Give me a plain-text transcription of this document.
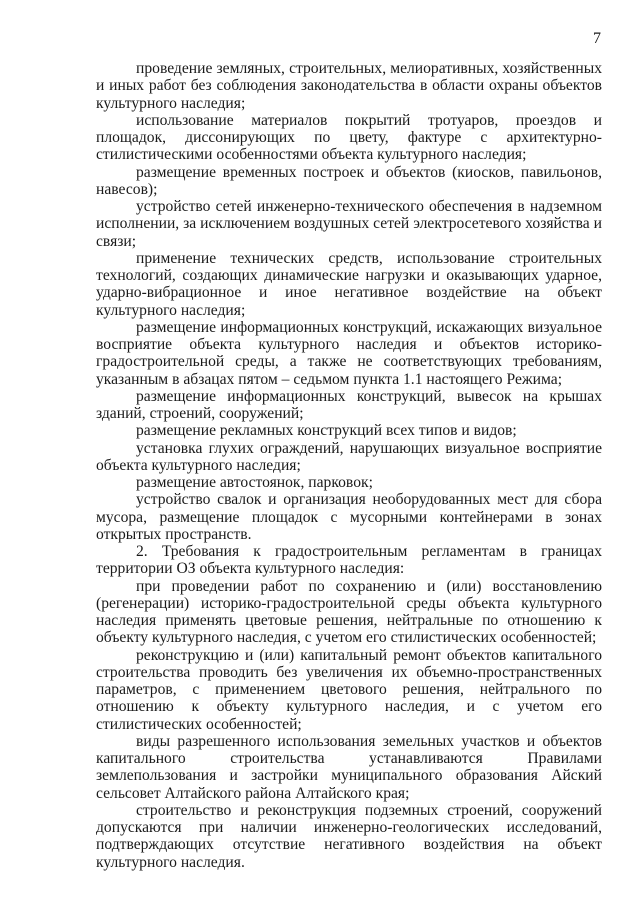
7

проведение земляных, строительных, мелиоративных, хозяйственных и иных работ без соблюдения законодательства в области охраны объектов культурного наследия;

использование материалов покрытий тротуаров, проездов и площадок, диссонирующих по цвету, фактуре с архитектурно-стилистическими особенностями объекта культурного наследия;

размещение временных построек и объектов (киосков, павильонов, навесов);

устройство сетей инженерно-технического обеспечения в надземном исполнении, за исключением воздушных сетей электросетевого хозяйства и связи;

применение технических средств, использование строительных технологий, создающих динамические нагрузки и оказывающих ударное, ударно-вибрационное и иное негативное воздействие на объект культурного наследия;

размещение информационных конструкций, искажающих визуальное восприятие объекта культурного наследия и объектов историко-градостроительной среды, а также не соответствующих требованиям, указанным в абзацах пятом – седьмом пункта 1.1 настоящего Режима;

размещение информационных конструкций, вывесок на крышах зданий, строений, сооружений;

размещение рекламных конструкций всех типов и видов;

установка глухих ограждений, нарушающих визуальное восприятие объекта культурного наследия;

размещение автостоянок, парковок;

устройство свалок и организация необорудованных мест для сбора мусора, размещение площадок с мусорными контейнерами в зонах открытых пространств.

2. Требования к градостроительным регламентам в границах территории ОЗ объекта культурного наследия:

при проведении работ по сохранению и (или) восстановлению (регенерации) историко-градостроительной среды объекта культурного наследия применять цветовые решения, нейтральные по отношению к объекту культурного наследия, с учетом его стилистических особенностей;

реконструкцию и (или) капитальный ремонт объектов капитального строительства проводить без увеличения их объемно-пространственных параметров, с применением цветового решения, нейтрального по отношению к объекту культурного наследия, и с учетом его стилистических особенностей;

виды разрешенного использования земельных участков и объектов капитального строительства устанавливаются Правилами землепользования и застройки муниципального образования Айский сельсовет Алтайского района Алтайского края;

строительство и реконструкция подземных строений, сооружений допускаются при наличии инженерно-геологических исследований, подтверждающих отсутствие негативного воздействия на объект культурного наследия.
